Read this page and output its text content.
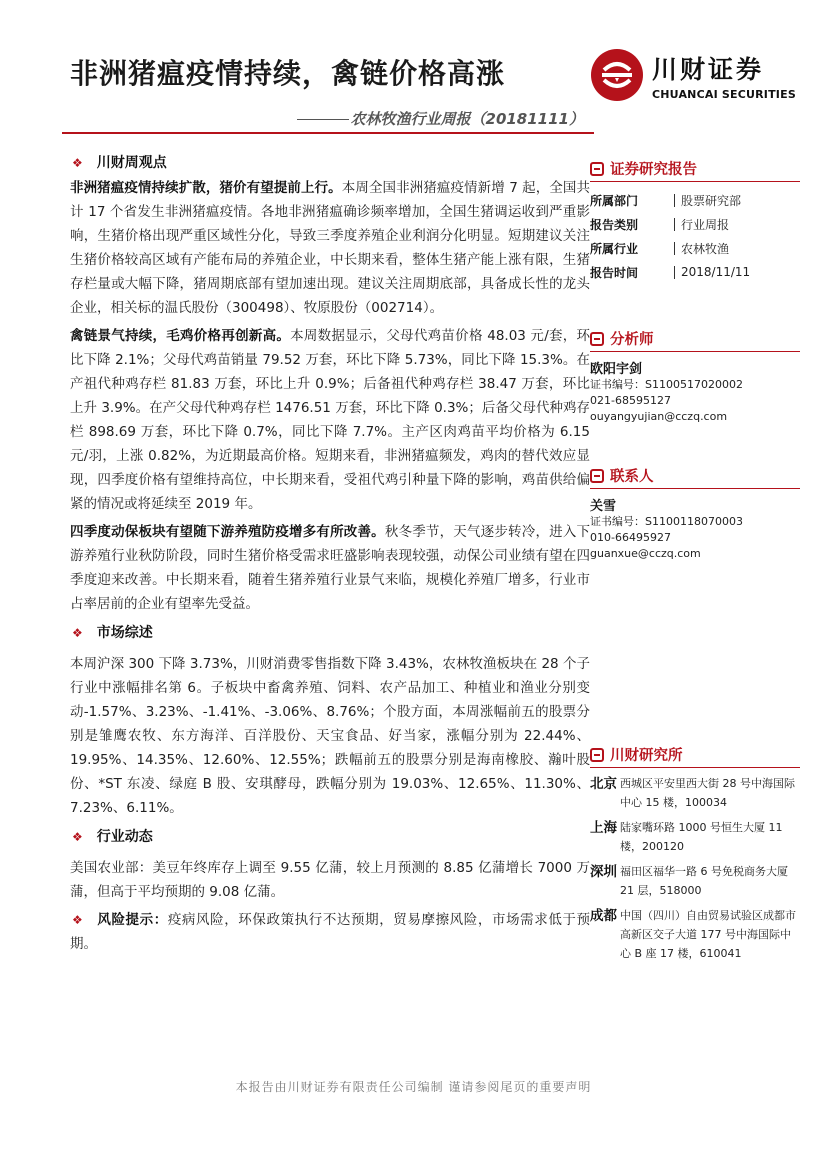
非洲猪瘟疫情持续，禽链价格高涨
农林牧渔行业周报（20181111）
川财证券
CHUANCAI SECURITIES
❖ 川财周观点
非洲猪瘟疫情持续扩散，猪价有望提前上行。本周全国非洲猪瘟疫情新增 7 起，全国共计 17 个省发生非洲猪瘟疫情。各地非洲猪瘟确诊频率增加，全国生猪调运收到严重影响，生猪价格出现严重区域性分化，导致三季度养殖企业利润分化明显。短期建议关注生猪价格较高区域有产能布局的养殖企业，中长期来看，整体生猪产能上涨有限，生猪存栏量或大幅下降，猪周期底部有望加速出现。建议关注周期底部，具备成长性的龙头企业，相关标的温氏股份（300498）、牧原股份（002714）。
禽链景气持续，毛鸡价格再创新高。本周数据显示，父母代鸡苗价格 48.03 元/套，环比下降 2.1%；父母代鸡苗销量 79.52 万套，环比下降 5.73%，同比下降 15.3%。在产祖代种鸡存栏 81.83 万套，环比上升 0.9%；后备祖代种鸡存栏 38.47 万套，环比上升 3.9%。在产父母代种鸡存栏 1476.51 万套，环比下降 0.3%；后备父母代种鸡存栏 898.69 万套，环比下降 0.7%，同比下降 7.7%。主产区肉鸡苗平均价格为 6.15 元/羽，上涨 0.82%，为近期最高价格。短期来看，非洲猪瘟频发，鸡肉的替代效应显现，四季度价格有望维持高位，中长期来看，受祖代鸡引种量下降的影响，鸡苗供给偏紧的情况或将延续至 2019 年。
四季度动保板块有望随下游养殖防疫增多有所改善。秋冬季节，天气逐步转冷，进入下游养殖行业秋防阶段，同时生猪价格受需求旺盛影响表现较强，动保公司业绩有望在四季度迎来改善。中长期来看，随着生猪养殖行业景气来临，规模化养殖厂增多，行业市占率居前的企业有望率先受益。
❖ 市场综述
本周沪深 300 下降 3.73%，川财消费零售指数下降 3.43%，农林牧渔板块在 28 个子行业中涨幅排名第 6。子板块中畜禽养殖、饲料、农产品加工、种植业和渔业分别变动-1.57%、3.23%、-1.41%、-3.06%、8.76%；个股方面，本周涨幅前五的股票分别是雏鹰农牧、东方海洋、百洋股份、天宝食品、好当家，涨幅分别为 22.44%、19.95%、14.35%、12.60%、12.55%；跌幅前五的股票分别是海南橡胶、瀚叶股份、*ST 东凌、绿庭 B 股、安琪酵母，跌幅分别为 19.03%、12.65%、11.30%、7.23%、6.11%。
❖ 行业动态
美国农业部：美豆年终库存上调至 9.55 亿蒲，较上月预测的 8.85 亿蒲增长 7000 万蒲，但高于平均预期的 9.08 亿蒲。
❖ 风险提示：疫病风险，环保政策执行不达预期，贸易摩擦风险，市场需求低于预期。
证券研究报告
所属部门	股票研究部
报告类别	行业周报
所属行业	农林牧渔
报告时间	2018/11/11
分析师
欧阳宇剑
证书编号：S1100517020002
021-68595127
ouyangyujian@cczq.com
联系人
关雪
证书编号：S1100118070003
010-66495927
guanxue@cczq.com
川财研究所
北京 西城区平安里西大街 28 号中海国际中心 15 楼，100034
上海 陆家嘴环路 1000 号恒生大厦 11 楼，200120
深圳 福田区福华一路 6 号免税商务大厦 21 层，518000
成都 中国（四川）自由贸易试验区成都市高新区交子大道 177 号中海国际中心 B 座 17 楼，610041
本报告由川财证券有限责任公司编制 谨请参阅尾页的重要声明
